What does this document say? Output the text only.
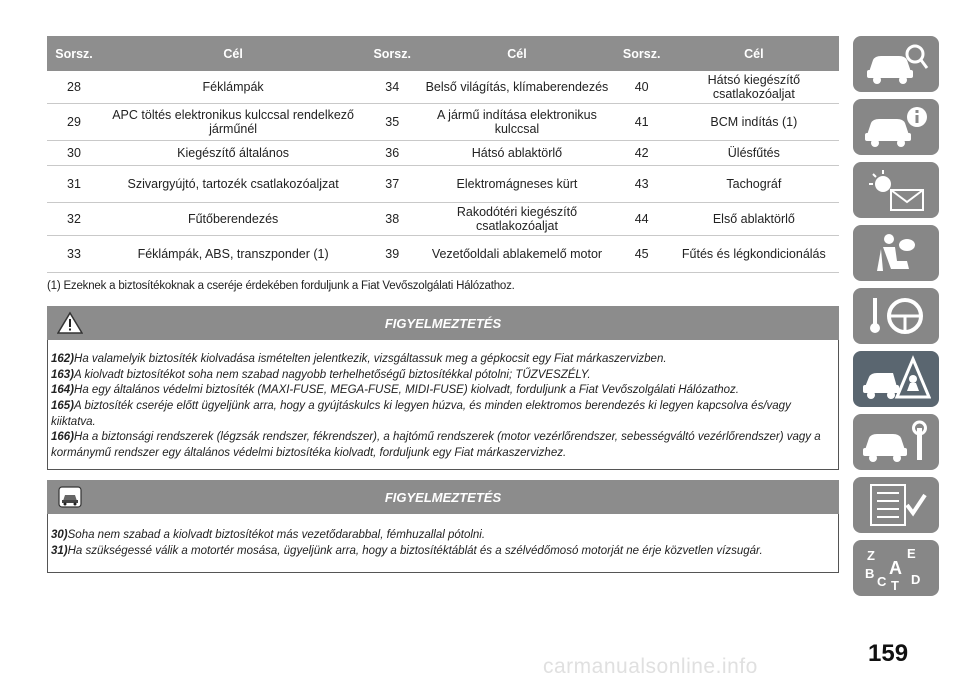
Sorsz.	Cél	Sorsz.	Cél	Sorsz.	Cél
28	Féklámpák	34	Belső világítás, klímaberendezés	40	Hátsó kiegészítő csatlakozóaljat
29	APC töltés elektronikus kulccsal rendelkező járműnél	35	A jármű indítása elektronikus kulccsal	41	BCM indítás (1)
30	Kiegészítő általános	36	Hátsó ablaktörlő	42	Ülésfűtés
31	Szivargyújtó, tartozék csatlakozóaljzat	37	Elektromágneses kürt	43	Tachográf
32	Fűtőberendezés	38	Rakodótéri kiegészítő csatlakozóaljat	44	Első ablaktörlő
33	Féklámpák, ABS, transzponder (1)	39	Vezetőoldali ablakemelő motor	45	Fűtés és légkondicionálás

(1) Ezeknek a biztosítékoknak a cseréje érdekében forduljunk a Fiat Vevőszolgálati Hálózathoz.

FIGYELMEZTETÉS

162)Ha valamelyik biztosíték kiolvadása ismételten jelentkezik, vizsgáltassuk meg a gépkocsit egy Fiat márkaszervizben.

163)A kiolvadt biztosítékot soha nem szabad nagyobb terhelhetőségű biztosítékkal pótolni; TŰZVESZÉLY.

164)Ha egy általános védelmi biztosíték (MAXI-FUSE, MEGA-FUSE, MIDI-FUSE) kiolvadt, forduljunk a Fiat Vevőszolgálati Hálózathoz.

165)A biztosíték cseréje előtt ügyeljünk arra, hogy a gyújtáskulcs ki legyen húzva, és minden elektromos berendezés ki legyen kapcsolva és/vagy kiiktatva.

166)Ha a biztonsági rendszerek (légzsák rendszer, fékrendszer), a hajtómű rendszerek (motor vezérlőrendszer, sebességváltó vezérlőrendszer) vagy a kormánymű rendszer egy általános védelmi biztosítéka kiolvadt, forduljunk egy Fiat márkaszervizhez.

FIGYELMEZTETÉS

30)Soha nem szabad a kiolvadt biztosítékot más vezetődarabbal, fémhuzallal pótolni.

31)Ha szükségessé válik a motortér mosása, ügyeljünk arra, hogy a biztosítéktáblát és a szélvédőmosó motorját ne érje közvetlen vízsugár.	Z E
B A
C T D
159
carmanualsonline.info
